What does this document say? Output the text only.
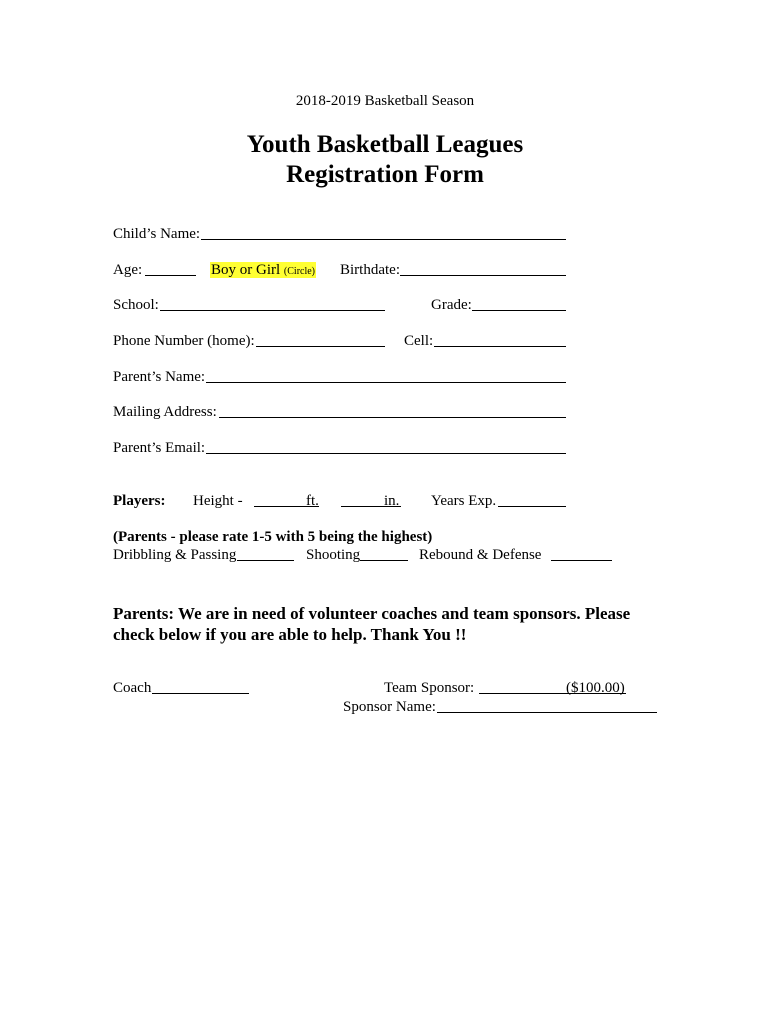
2018-2019 Basketball Season
Youth Basketball Leagues
Registration Form
Child’s Name:
Age:	Boy or Girl (Circle) Birthdate:
School:	Grade:
Phone Number (home):	Cell:
Parent’s Name:
Mailing Address:
Parent’s Email:
Players: Height -	ft.	in. Years Exp.
(Parents - please rate 1-5 with 5 being the highest)
Dribbling & Passing	Shooting	Rebound & Defense
Parents: We are in need of volunteer coaches and team sponsors. Please
check below if you are able to help. Thank You !!
Coach	Team Sponsor:	($100.00)
Sponsor Name:
